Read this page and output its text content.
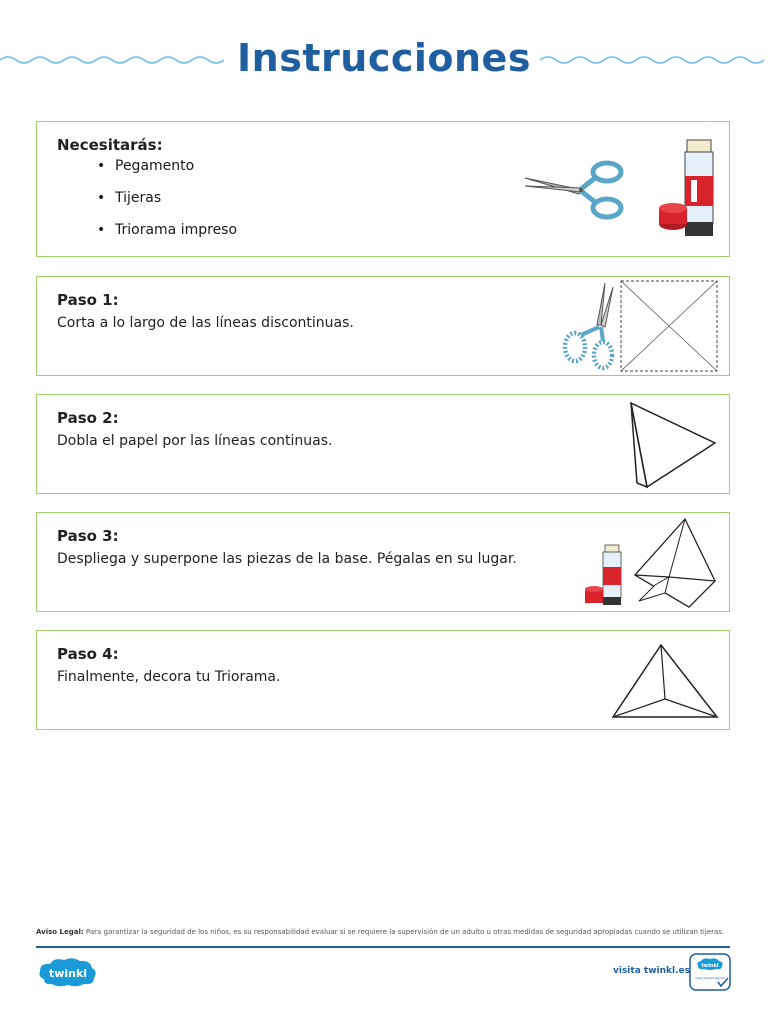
Instrucciones
Necesitarás:
• Pegamento
• Tijeras
• Triorama impreso
Paso 1:
Corta a lo largo de las líneas discontinuas.
Paso 2:
Dobla el papel por las líneas continuas.
Paso 3:
Despliega y superpone las piezas de la base. Pégalas en su lugar.
Paso 4:
Finalmente, decora tu Triorama.
Aviso Legal: Para garantizar la seguridad de los niños, es su responsabilidad evaluar si se requiere la supervisión de un adulto u otras medidas de seguridad apropiadas cuando se utilizan tijeras.
twinkl	visita twinkl.es twinkl
Quality Standard Approved
